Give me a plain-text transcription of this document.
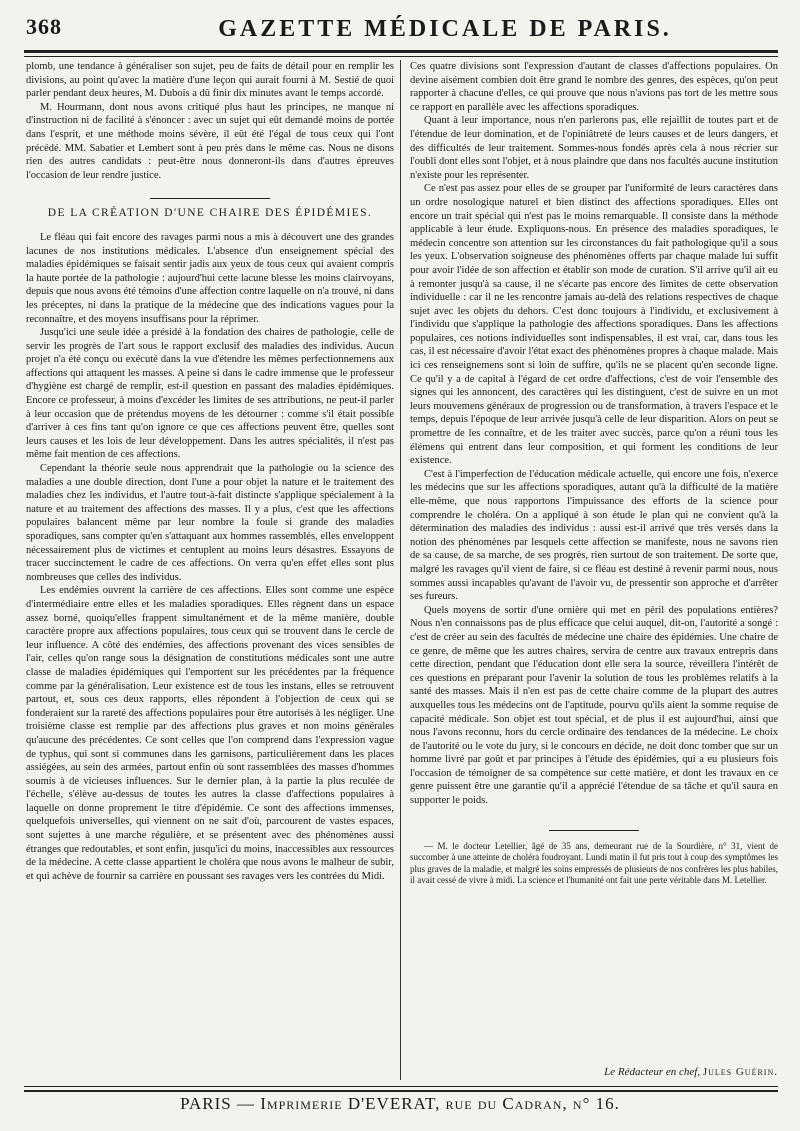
368	GAZETTE MÉDICALE DE PARIS.

plomb, une tendance à généraliser son sujet, peu de faits de détail pour en remplir les divisions, au point qu'avec la matière d'une leçon qui aurait fourni à M. Sestié de quoi parler pendant deux heures, M. Dubois a dû finir dix minutes avant le temps accordé.

M. Hourmann, dont nous avons critiqué plus haut les principes, ne manque ni d'instruction ni de facilité à s'énoncer : avec un sujet qui eût demandé moins de portée dans l'esprit, et une méthode moins sévère, il eût été l'égal de tous ceux qui l'ont précédé. MM. Sabatier et Lembert sont à peu près dans le même cas. Nous ne disons rien des autres candidats : peut-être nous donneront-ils dans d'autres épreuves l'occasion de leur rendre justice.

DE LA CRÉATION D'UNE CHAIRE DES ÉPIDÉMIES.

Le fléau qui fait encore des ravages parmi nous a mis à découvert une des grandes lacunes de nos institutions médicales. L'absence d'un enseignement spécial des maladies épidémiques se faisait sentir jadis aux yeux de tous ceux qui avaient compris la haute portée de la pathologie : aujourd'hui cette lacune blesse les moins clairvoyans, depuis que nous avons été témoins d'une affection contre laquelle on n'a trouvé, ni dans les préceptes, ni dans la pratique de la médecine que des indications vagues pour la reconnaître, et des moyens insuffisans pour la réprimer.

Jusqu'ici une seule idée a présidé à la fondation des chaires de pathologie, celle de servir les progrès de l'art sous le rapport exclusif des maladies des individus. Aucun projet n'a été conçu ou exécuté dans la vue d'étendre les mêmes perfectionnemens aux affections qui attaquent les masses. A peine si dans le cadre immense que le professeur d'hygiène est chargé de remplir, est-il question en passant des maladies épidémiques. Encore ce professeur, à moins d'excéder les limites de ses attributions, ne peut-il parler à leur occasion que de prétendus moyens de les détourner : comme s'il était possible d'arriver à ces fins tant qu'on ignore ce que ces affections peuvent être, quelles sont leurs causes et les lois de leur développement. Dans les autres spécialités, il n'est pas même fait mention de ces affections.

Cependant la théorie seule nous apprendrait que la pathologie ou la science des maladies a une double direction, dont l'une a pour objet la nature et le traitement des maladies chez les individus, et l'autre tout-à-fait distincte s'applique spécialement à la nature et au traitement des affections des masses. Il y a plus, c'est que les affections populaires balancent même par leur nombre la foule si grande des maladies sporadiques, sans compter qu'en s'attaquant aux hommes rassemblés, elles enveloppent nécessairement plus de victimes et centuplent au moins leurs désastres. Essayons de tracer succinctement le cadre de ces affections. On verra qu'en effet elles sont plus nombreuses que celles des individus.

Les endémies ouvrent la carrière de ces affections. Elles sont comme une espèce d'intermédiaire entre elles et les maladies sporadiques. Elles règnent dans un espace assez borné, quoiqu'elles frappent simultanément et de la même manière, double caractère propre aux affections populaires, tous ceux qui se trouvent dans le cercle de leur influence. A côté des endémies, des affections provenant des vices sensibles de l'air, celles qu'on range sous la désignation de constitutions médicales sont une autre classe de maladies épidémiques qui l'emportent sur les précédentes par la fréquence comme par la généralisation. Leur existence est de tous les instans, elles se retrouvent partout, et, sous ces deux rapports, elles répondent à l'objection de ceux qui se fonderaient sur la rareté des affections populaires pour être autorisés à les négliger. Une troisième classe est remplie par des affections plus graves et non moins générales qu'aucune des précédentes. Ce sont celles que l'on comprend dans l'expression vague de typhus, qui sont si communes dans les garnisons, particulièrement dans les places assiégées, au sein des armées, partout enfin où sont rassemblées des masses d'hommes soumis à de vicieuses influences. Sur le dernier plan, à la partie la plus reculée de l'échelle, s'élève au-dessus de toutes les autres la classe d'affections populaires à laquelle on donne proprement le titre d'épidémie. Ce sont des affections immenses, quelquefois universelles, qui viennent on ne sait d'où, parcourent de vastes espaces, sont sujettes à une marche régulière, et se présentent avec des phénomènes aussi étranges que redoutables, et sont enfin, jusqu'ici du moins, inaccessibles aux ressources de la médecine. A cette classe appartient le choléra que nous avons le malheur de subir, et qui achève de fournir sa carrière en poussant ses ravages vers les contrées du Midi.

Ces quatre divisions sont l'expression d'autant de classes d'affections populaires. On devine aisément combien doit être grand le nombre des genres, des espèces, qu'on peut rapporter à chacune d'elles, ce qui prouve que nous n'avions pas tort de les mettre sous ce rapport en parallèle avec les affections sporadiques.

Quant à leur importance, nous n'en parlerons pas, elle rejaillit de toutes part et de l'étendue de leur domination, et de l'opiniâtreté de leurs causes et de leurs dangers, et des difficultés de leur traitement. Sommes-nous fondés après cela à nous récrier sur l'oubli dont elles sont l'objet, et à nous plaindre que dans nos facultés aucune institution n'existe pour les représenter.

Ce n'est pas assez pour elles de se grouper par l'uniformité de leurs caractères dans un ordre nosologique naturel et bien distinct des affections sporadiques. Elles ont encore un trait spécial qui n'est pas le moins remarquable. Il consiste dans la méthode applicable à leur étude. Expliquons-nous. En présence des maladies sporadiques, le médecin concentre son attention sur les circonstances du fait pathologique qu'il a sous les yeux. L'observation soigneuse des phénomènes offerts par chaque malade lui suffit pour avoir l'idée de son affection et établir son mode de curation. S'il arrive qu'il ait eu à remonter jusqu'à sa cause, il ne s'écarte pas encore des limites de cette observation individuelle : car il ne les rencontre jamais au-delà des relations respectives de chaque sujet avec les objets du dehors. C'est donc toujours à l'individu, et exclusivement à l'individu que s'applique la pathologie des affections sporadiques. Dans les affections populaires, ces notions individuelles sont indispensables, il est vrai, car, dans tous les cas, il est nécessaire d'avoir l'état exact des phénomènes propres à chaque malade. Mais ici ces renseignemens sont si loin de suffire, qu'ils ne se placent qu'en seconde ligne. Ce qu'il y a de capital à l'égard de cet ordre d'affections, c'est de voir l'ensemble des signes qui les annoncent, des caractères qui les distinguent, c'est de suivre en un mot leurs mouvemens généraux de progression ou de transformation, à travers l'espace et le temps, depuis l'époque de leur arrivée jusqu'à celle de leur disparition. Alors on peut se promettre de les connaître, et de les traiter avec succès, parce qu'on a réuni tous les élémens qui entrent dans leur composition, et qui forment les conditions de leur existence.

C'est à l'imperfection de l'éducation médicale actuelle, qui encore une fois, n'exerce les médecins que sur les affections sporadiques, autant qu'à la difficulté de la matière elle-même, que nous rapportons l'impuissance des efforts de la science pour comprendre le choléra. On a appliqué à son étude le plan qui ne convient qu'à la détermination des maladies des individus : aussi est-il arrivé que très versés dans la notion des phénomènes par lesquels cette affection se manifeste, nous ne savons rien de sa cause, de sa marche, de ses progrès, rien surtout de son traitement. De sorte que, malgré les ravages qu'il vient de faire, si ce fléau est destiné à revenir parmi nous, nous sommes aussi incapables qu'avant de l'avoir vu, de pressentir son approche et d'arrêter ses fureurs.

Quels moyens de sortir d'une ornière qui met en péril des populations entières? Nous n'en connaissons pas de plus efficace que celui auquel, dit-on, l'autorité a songé : c'est de créer au sein des facultés de médecine une chaire des épidémies. Une chaire de ce genre, de même que les autres chaires, servira de centre aux travaux entrepris dans cette direction, pendant que l'éducation dont elle sera la source, réveillera l'intérêt de ces questions en préparant pour l'avenir la solution de tous les problèmes relatifs à la santé des masses. Mais il n'en est pas de cette chaire comme de la plupart des autres auxquelles tous les médecins ont de l'aptitude, pourvu qu'ils aient la somme requise de capacité médicale. Son objet est tout spécial, et de plus il est aujourd'hui, ainsi que nous l'avons reconnu, hors du cercle ordinaire des tendances de la médecine. Le choix de l'autorité ou le vote du jury, si le concours en décide, ne doit donc tomber que sur un homme livré par goût et par principes à l'étude des épidémies, qui a eu plusieurs fois l'occasion de témoigner de sa compétence sur cette matière, et dont les travaux en ce genre puissent être une garantie qu'il a apprécié l'étendue de sa tâche et qu'il saura en supporter le poids.

— M. le docteur Letellier, âgé de 35 ans, demeurant rue de la Sourdière, n° 31, vient de succomber à une atteinte de choléra foudroyant. Lundi matin il fut pris tout à coup des symptômes les plus graves de la maladie, et malgré les soins empressés de plusieurs de nos confrères les plus habiles, il avait cessé de vivre à midi. La science et l'humanité ont fait une perte véritable dans M. Letellier.

Le Rédacteur en chef, Jules Guérin.
PARIS — Imprimerie D'EVERAT, rue du Cadran, n° 16.
